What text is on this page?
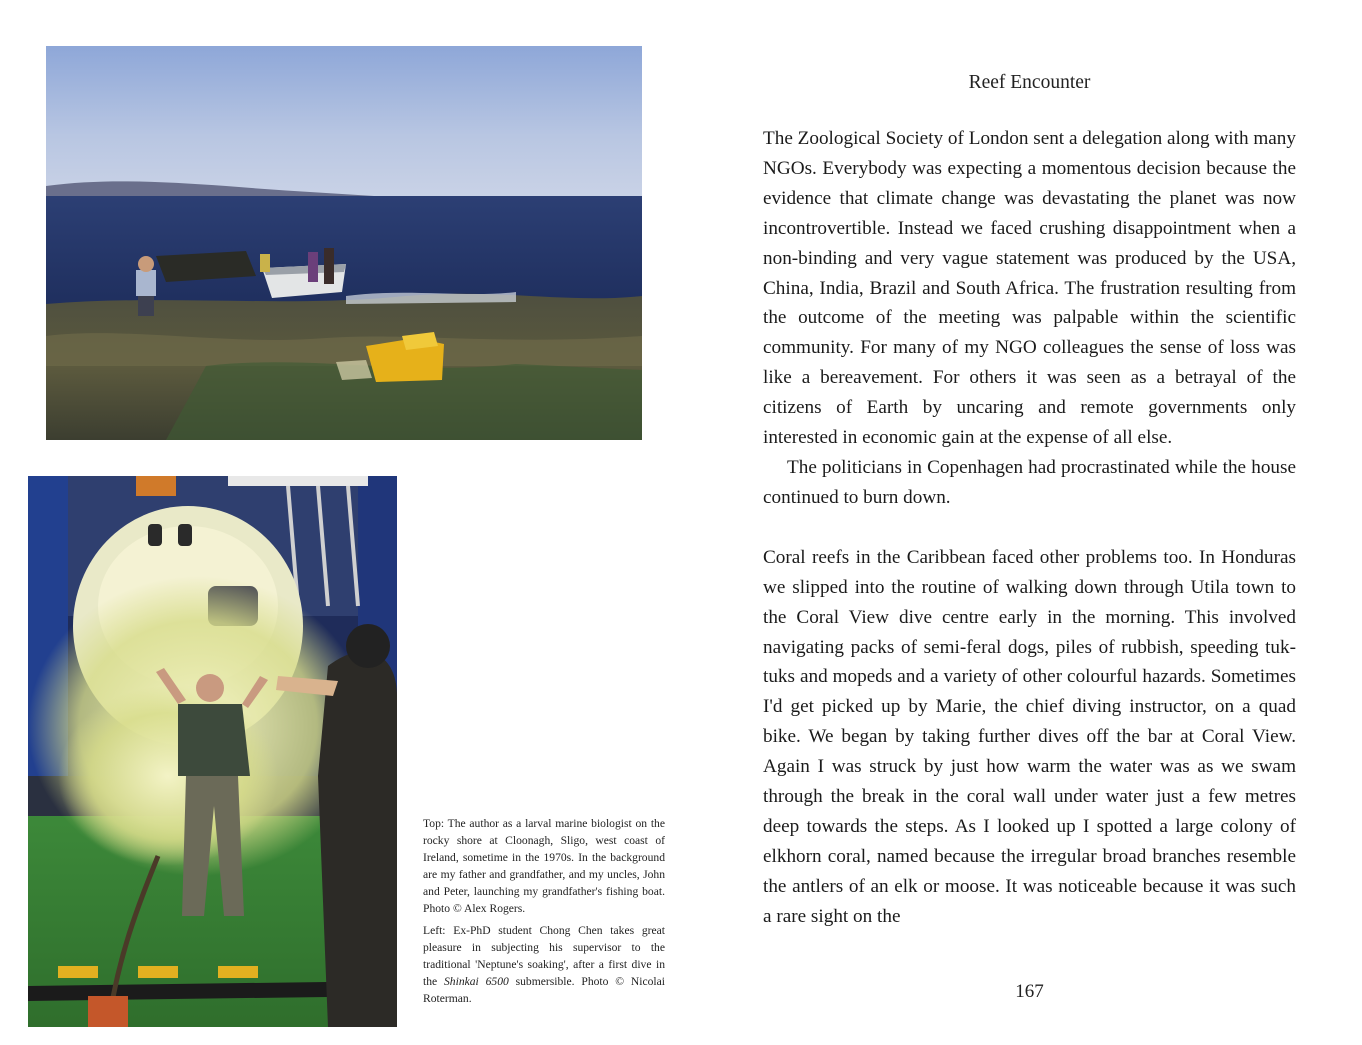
Top: The author as a larval marine biologist on the rocky shore at Cloonagh, Sligo, west coast of Ireland, sometime in the 1970s. In the background are my father and grandfather, and my uncles, John and Peter, launching my grandfather's fishing boat. Photo © Alex Rogers.

Left: Ex-PhD student Chong Chen takes great pleasure in subjecting his supervisor to the traditional 'Neptune's soaking', after a first dive in the Shinkai 6500 submersible. Photo © Nicolai Roterman.

Reef Encounter

The Zoological Society of London sent a delegation along with many NGOs. Everybody was expecting a momentous decision because the evidence that climate change was devastating the planet was now incontrovertible. Instead we faced crushing disappointment when a non-binding and very vague statement was produced by the USA, China, India, Brazil and South Africa. The frustration resulting from the outcome of the meeting was palpable within the scientific community. For many of my NGO colleagues the sense of loss was like a bereavement. For others it was seen as a betrayal of the citizens of Earth by uncaring and remote governments only interested in economic gain at the expense of all else.

The politicians in Copenhagen had procrastinated while the house continued to burn down.

Coral reefs in the Caribbean faced other problems too. In Honduras we slipped into the routine of walking down through Utila town to the Coral View dive centre early in the morning. This involved navigating packs of semi-feral dogs, piles of rubbish, speeding tuk-tuks and mopeds and a variety of other colourful hazards. Sometimes I'd get picked up by Marie, the chief diving instructor, on a quad bike. We began by taking further dives off the bar at Coral View. Again I was struck by just how warm the water was as we swam through the break in the coral wall under water just a few metres deep towards the steps. As I looked up I spotted a large colony of elkhorn coral, named because the irregular broad branches resemble the antlers of an elk or moose. It was noticeable because it was such a rare sight on the

167
